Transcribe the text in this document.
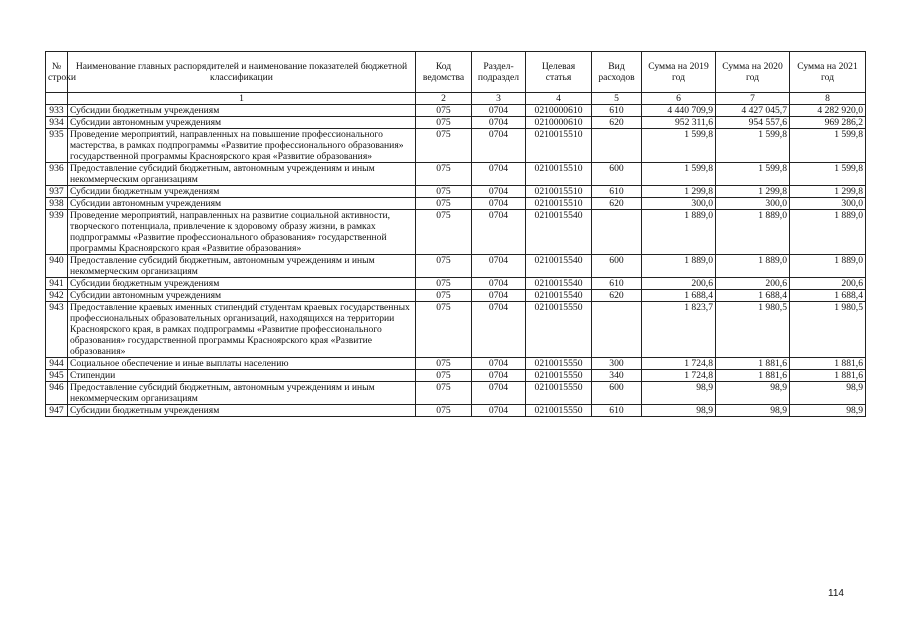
№ строки	Наименование главных распорядителей и наименование показателей бюджетной классификации	Код ведомства	Раздел-подраздел	Целевая статья	Вид расходов	Сумма на 2019 год	Сумма на 2020 год	Сумма на 2021 год
	1	2	3	4	5	6	7	8
933	Субсидии бюджетным учреждениям	075	0704	0210000610	610	4 440 709,9	4 427 045,7	4 282 920,0
934	Субсидии автономным учреждениям	075	0704	0210000610	620	952 311,6	954 557,6	969 286,2
935	Проведение мероприятий, направленных на повышение профессионального мастерства, в рамках подпрограммы «Развитие профессионального образования» государственной программы Красноярского края «Развитие образования»	075	0704	0210015510		1 599,8	1 599,8	1 599,8
936	Предоставление субсидий бюджетным, автономным учреждениям и иным некоммерческим организациям	075	0704	0210015510	600	1 599,8	1 599,8	1 599,8
937	Субсидии бюджетным учреждениям	075	0704	0210015510	610	1 299,8	1 299,8	1 299,8
938	Субсидии автономным учреждениям	075	0704	0210015510	620	300,0	300,0	300,0
939	Проведение мероприятий, направленных на развитие социальной активности, творческого потенциала, привлечение к здоровому образу жизни, в рамках подпрограммы «Развитие профессионального образования» государственной программы Красноярского края «Развитие образования»	075	0704	0210015540		1 889,0	1 889,0	1 889,0
940	Предоставление субсидий бюджетным, автономным учреждениям и иным некоммерческим организациям	075	0704	0210015540	600	1 889,0	1 889,0	1 889,0
941	Субсидии бюджетным учреждениям	075	0704	0210015540	610	200,6	200,6	200,6
942	Субсидии автономным учреждениям	075	0704	0210015540	620	1 688,4	1 688,4	1 688,4
943	Предоставление краевых именных стипендий студентам краевых государственных профессиональных образовательных организаций, находящихся на территории Красноярского края, в рамках подпрограммы «Развитие профессионального образования» государственной программы Красноярского края «Развитие образования»	075	0704	0210015550		1 823,7	1 980,5	1 980,5
944	Социальное обеспечение и иные выплаты населению	075	0704	0210015550	300	1 724,8	1 881,6	1 881,6
945	Стипендии	075	0704	0210015550	340	1 724,8	1 881,6	1 881,6
946	Предоставление субсидий бюджетным, автономным учреждениям и иным некоммерческим организациям	075	0704	0210015550	600	98,9	98,9	98,9
947	Субсидии бюджетным учреждениям	075	0704	0210015550	610	98,9	98,9	98,9
114
